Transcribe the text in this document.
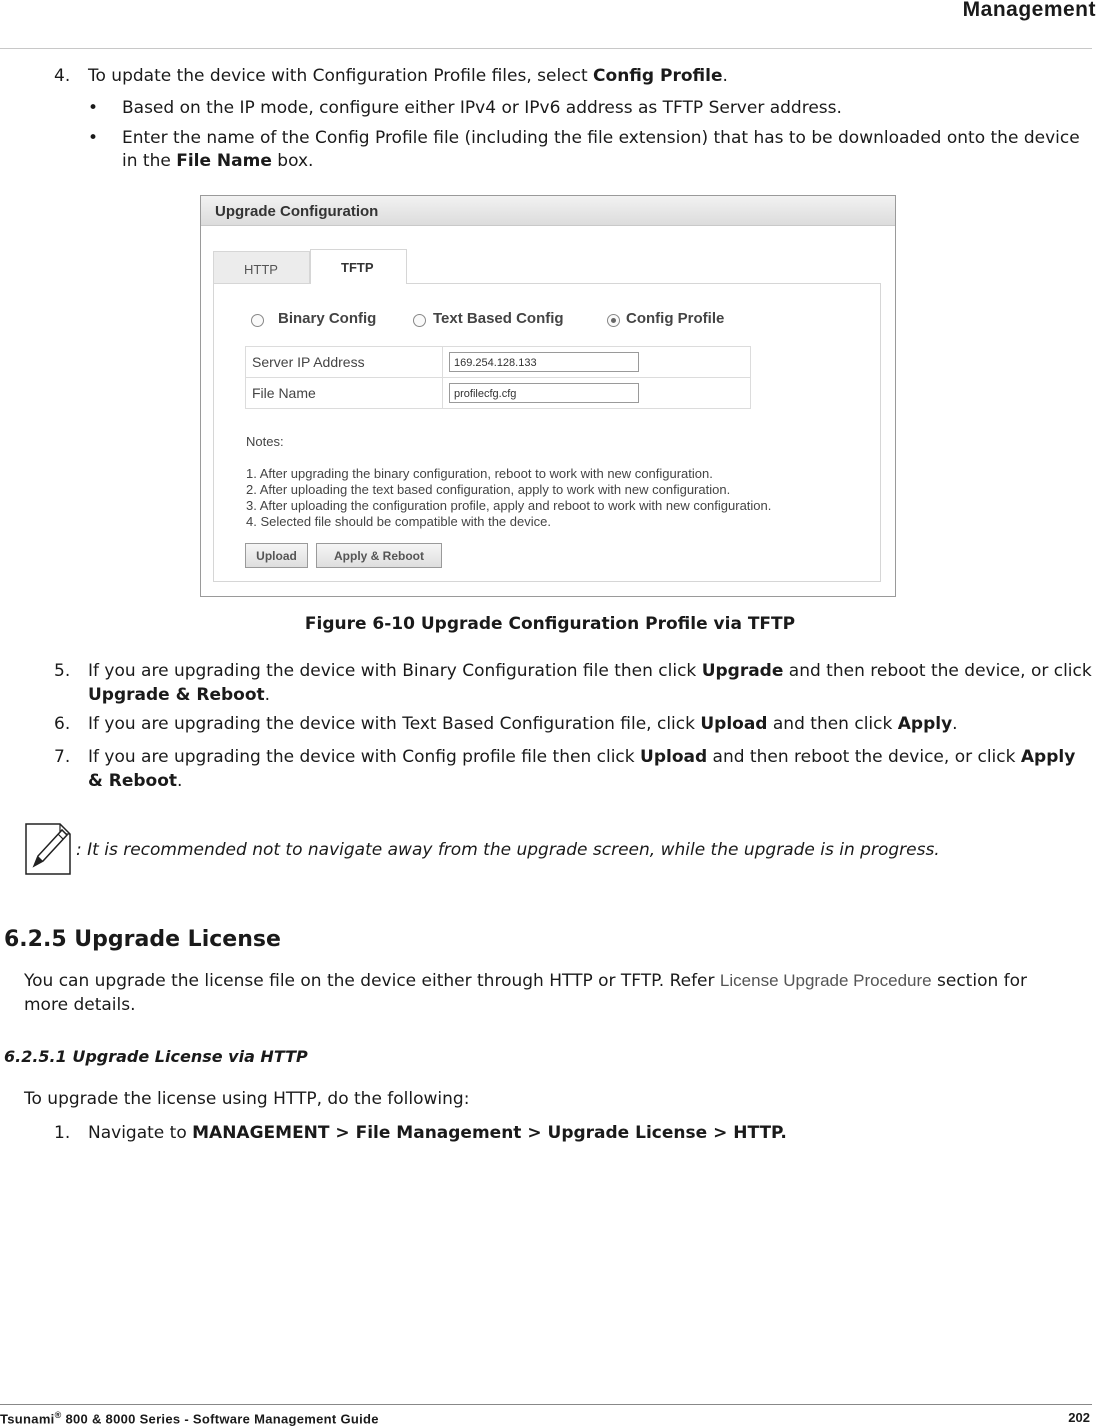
Management
4. To update the device with Configuration Profile files, select Config Profile.
• Based on the IP mode, configure either IPv4 or IPv6 address as TFTP Server address.
• Enter the name of the Config Profile file (including the file extension) that has to be downloaded onto the device
in the File Name box.
Upgrade Configuration
HTTP	TFTP
Binary Config	Text Based Config	Config Profile
Server IP Address	169.254.128.133

File Name	profilecfg.cfg
Notes:
1. After upgrading the binary configuration, reboot to work with new configuration.
2. After uploading the text based configuration, apply to work with new configuration.
3. After uploading the configuration profile, apply and reboot to work with new configuration.
4. Selected file should be compatible with the device.
Upload	Apply & Reboot
Figure 6-10 Upgrade Configuration Profile via TFTP
5. If you are upgrading the device with Binary Configuration file then click Upgrade and then reboot the device, or click
Upgrade & Reboot.
6. If you are upgrading the device with Text Based Configuration file, click Upload and then click Apply.
7. If you are upgrading the device with Config profile file then click Upload and then reboot the device, or click Apply
& Reboot.
: It is recommended not to navigate away from the upgrade screen, while the upgrade is in progress.
6.2.5 Upgrade License
You can upgrade the license file on the device either through HTTP or TFTP. Refer License Upgrade Procedure section for
more details.
6.2.5.1 Upgrade License via HTTP
To upgrade the license using HTTP, do the following:
1. Navigate to MANAGEMENT > File Management > Upgrade License > HTTP.
Tsunami® 800 & 8000 Series - Software Management Guide	202
